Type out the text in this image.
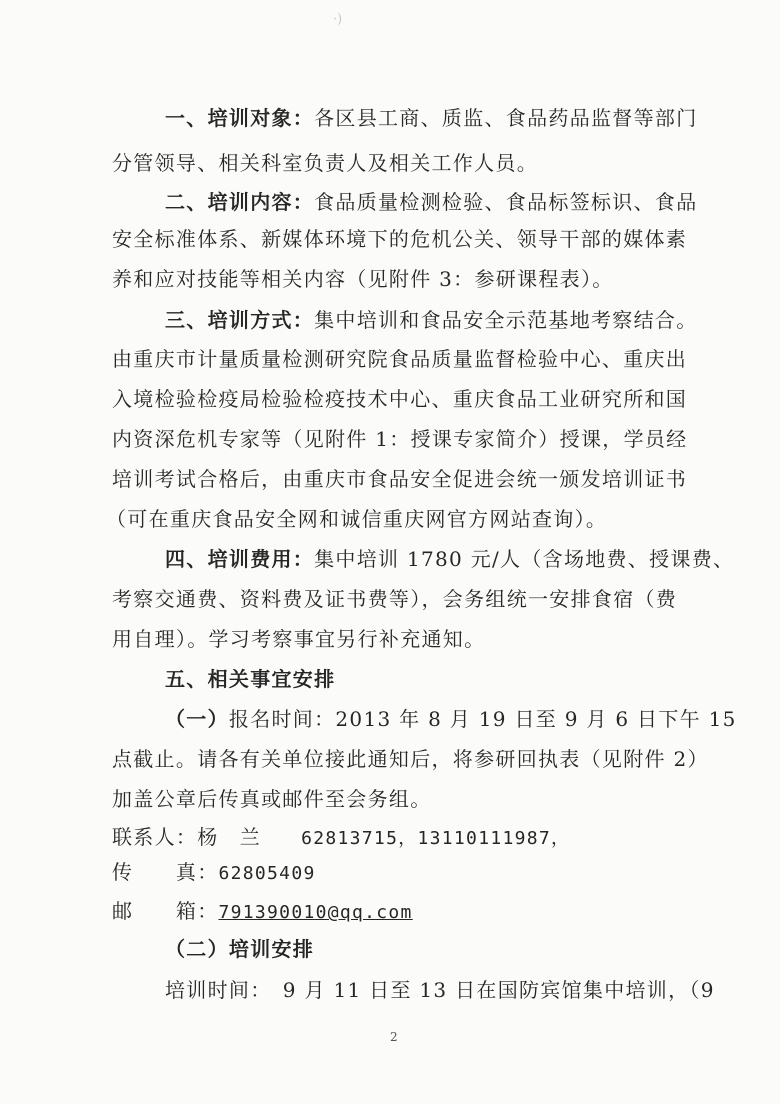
·)
一、培训对象：各区县工商、质监、食品药品监督等部门
分管领导、相关科室负责人及相关工作人员。
二、培训内容：食品质量检测检验、食品标签标识、食品
安全标准体系、新媒体环境下的危机公关、领导干部的媒体素
养和应对技能等相关内容（见附件 3：参研课程表）。
三、培训方式：集中培训和食品安全示范基地考察结合。
由重庆市计量质量检测研究院食品质量监督检验中心、重庆出
入境检验检疫局检验检疫技术中心、重庆食品工业研究所和国
内资深危机专家等（见附件 1：授课专家简介）授课，学员经
培训考试合格后，由重庆市食品安全促进会统一颁发培训证书
（可在重庆食品安全网和诚信重庆网官方网站查询）。
四、培训费用：集中培训 1780 元/人（含场地费、授课费、
考察交通费、资料费及证书费等），会务组统一安排食宿（费
用自理）。学习考察事宜另行补充通知。
五、相关事宜安排
（一）报名时间：2013 年 8 月 19 日至 9 月 6 日下午 15
点截止。请各有关单位接此通知后，将参研回执表（见附件 2）
加盖公章后传真或邮件至会务组。
联系人：杨　兰 62813715，13110111987，
传　　真：62805409
邮　　箱：791390010@qq.com
（二）培训安排
培训时间：　9 月 11 日至 13 日在国防宾馆集中培训，（9
2
